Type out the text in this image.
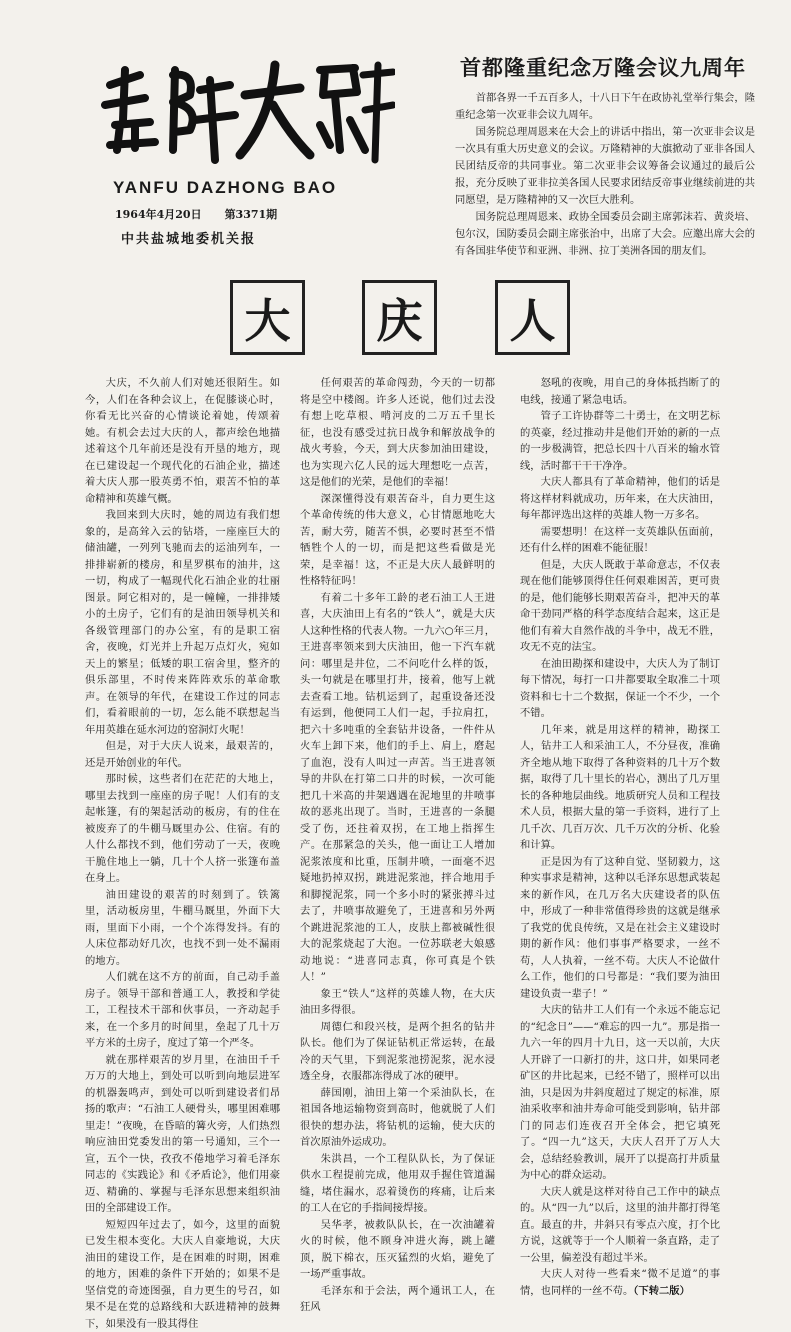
YANFU DAZHONG BAO
1964年4月20日 第3371期
中共盐城地委机关报
首都隆重纪念万隆会议九周年

首都各界一千五百多人，十八日下午在政协礼堂举行集会，隆重纪念第一次亚非会议九周年。

国务院总理周恩来在大会上的讲话中指出，第一次亚非会议是一次具有重大历史意义的会议。万隆精神的大旗掀动了亚非各国人民团结反帝的共同事业。第二次亚非会议筹备会议通过的最后公报，充分反映了亚非拉美各国人民要求团结反帝事业继续前进的共同愿望，是万隆精神的又一次巨大胜利。

国务院总理周恩来、政协全国委员会副主席郭沫若、黄炎培、包尔汉，国防委员会副主席张治中，出席了大会。应邀出席大会的有各国驻华使节和亚洲、非洲、拉丁美洲各国的朋友们。

大	庆	人

大庆，不久前人们对她还很陌生。如今，人们在各种会议上，在促膝谈心时，你看无比兴奋的心情谈论着她，传颂着她。有机会去过大庆的人，都声绘色地描述着这个几年前还是没有开垦的地方，现在已建设起一个现代化的石油企业，描述着大庆人那一股英勇不怕，艰苦不怕的革命精神和英雄气概。

我回来到大庆时，她的周边有我们想象的，是高耸入云的钻塔，一座座巨大的储油罐，一列列飞驰而去的运油列车，一排排崭新的楼房，和星罗棋布的油井，这一切，构成了一幅现代化石油企业的壮丽图景。阿它相对的，是一幢幢，一排排矮小的土房子，它们有的是油田领导机关和各级管理部门的办公室，有的是职工宿舍，夜晚，灯光并上升起万点灯火，宛如天上的繁星；低矮的职工宿舍里，整齐的俱乐部里，不时传来阵阵欢乐的革命歌声。在领导的年代，在建设工作过的同志们，看着眼前的一切，怎么能不联想起当年用英雄在延水河边的窑洞灯火呢！

但是，对于大庆人说来，最艰苦的，还是开始创业的年代。

那时候，这些者们在茫茫的大地上，哪里去找到一座座的房子呢！人们有的支起帐篷，有的架起活动的板房，有的住在被废弃了的牛棚马厩里办公、住宿。有的人什么都找不到，他们劳动了一天，夜晚干脆住地上一躺，几十个人挤一张篷布盖在身上。

油田建设的艰苦的时刻到了。铁篱里，活动板房里，牛棚马厩里，外面下大雨，里面下小雨，一个个冻得发抖。有的人床位都动好几次，也找不到一处不漏雨的地方。

人们就在这不方的前面，自己动手盖房子。领导干部和普通工人，教授和学徒工，工程技术干部和伙事员，一齐动起手来，在一个多月的时间里，垒起了几十万平方米的土房子，度过了第一个严冬。

就在那样艰苦的岁月里，在油田千千万万的大地上，到处可以听到向地层进军的机器轰鸣声，到处可以听到建设者们昂扬的歌声：“石油工人硬骨头，哪里困难哪里走！”夜晚，在昏暗的篝火旁，人们热烈响应油田党委发出的第一号通知，三个一宣，五个一快，孜孜不倦地学习着毛泽东同志的《实践论》和《矛盾论》，他们用豪迈、精确的、掌握与毛泽东思想来组织油田的全部建设工作。

短短四年过去了，如今，这里的面貌已发生根本变化。大庆人自豪地说，大庆油田的建设工作，是在困难的时期，困难的地方，困难的条件下开始的；如果不是坚信党的奇迹图强，自力更生的号召，如果不是在党的总路线和大跃进精神的鼓舞下，如果没有一股其得住

任何艰苦的革命闯劲，今天的一切都将是空中楼阁。许多人还说，他们过去没有想上吃草根、啃河皮的二万五千里长征，也没有感受过抗日战争和解放战争的战火考验，今天，到大庆参加油田建设，也为实现六亿人民的远大理想吃一点苦，这是他们的光荣，是他们的幸福！

深深懂得没有艰苦奋斗，自力更生这个革命传统的伟大意义，心甘情愿地吃大苦，耐大劳，随苦不惧，必要时甚至不惜牺牲个人的一切，而是把这些看做是光荣，是幸福！这，不正是大庆人最鲜明的性格特征吗！

有着二十多年工龄的老石油工人王进喜，大庆油田上有名的“铁人”，就是大庆人这种性格的代表人物。一九六○年三月，王进喜率领来到大庆油田，他一下汽车就问：哪里是井位，二不问吃什么样的饭，头一句就是在哪里打井，接着，他写上就去查看工地。钻机运到了，起重设备还没有运到，他便同工人们一起，手拉肩扛，把六十多吨重的全套钻井设备，一件件从火车上卸下来，他们的手上、肩上，磨起了血泡，没有人叫过一声苦。当王进喜领导的井队在打第二口井的时候，一次可能把几十米高的井架遇遇在泥地里的井喷事故的恶兆出现了。当时，王进喜的一条腿受了伤，还拄着双拐，在工地上指挥生产。在那紧急的关头，他一面让工人增加泥浆浓度和比重，压制井喷，一面毫不迟疑地扔掉双拐，跳进泥浆池，拌合地用手和脚搅泥浆，同一个多小时的紧张搏斗过去了，井喷事故避免了，王进喜和另外两个跳进泥浆池的工人，皮肤上都被碱性很大的泥浆烧起了大泡。一位苏联老大娘感动地说：“进喜同志真，你可真是个铁人！”

象王“铁人”这样的英雄人物，在大庆油田多得很。

周德仁和段兴枝，是两个担名的钻井队长。他们为了保证钻机正常运转，在最冷的天气里，下到泥浆池捞泥浆，泥水浸透全身，衣服都冻得成了冰的硬甲。

薛国刚，油田上第一个采油队长，在祖国各地运输物资到高时，他就脱了人们很快的想办法，将钻机的运输，使大庆的首次原油外运成功。

朱洪昌，一个工程队队长，为了保证供水工程提前完成，他用双手握住管道漏缝，堵住漏水，忍着烫伤的疼痛，让后来的工人在它的手指间接焊接。

吴华孝，被救队队长，在一次油罐着火的时候，他不顾身冲进火海，跳上罐顶，脱下棉衣，压灭猛烈的火焰，避免了一场严重事故。

毛泽东和于会法，两个通讯工人，在狂风

怒吼的夜晚，用自己的身体抵挡断了的电线，接通了紧急电话。

管子工许协群等二十勇士，在文明艺标的英豪，经过推动井是他们开始的新的一点的一步极满管，把总长四十八百米的输水管线，活时都干干干净净。

大庆人都具有了革命精神，他们的话是将这样材料就成功，历年来，在大庆油田，每年都评选出这样的英雄人物一万多名。

需要想明！在这样一支英雄队伍面前，还有什么样的困难不能征服！

但是，大庆人既敢于革命意志，不仅表现在他们能够顶得住任何艰难困苦，更可贵的是，他们能够长期艰苦奋斗，把冲天的革命干劲同严格的科学态度结合起来，这正是他们有着大自然作战的斗争中，战无不胜，攻无不克的法宝。

在油田勘探和建设中，大庆人为了制订每下情况，每打一口井都要取全取准二十项资料和七十二个数据，保证一个不少，一个不错。

几年来，就是用这样的精神，勘探工人，钻井工人和采油工人，不分昼夜，准确齐全地从地下取得了各种资料的几十万个数据，取得了几十里长的岩心，测出了几万里长的各种地层曲线。地质研究人员和工程技术人员，根据大量的第一手资料，进行了上几千次、几百万次、几千万次的分析、化验和计算。

正是因为有了这种自觉、坚韧毅力，这种实事求是精神，这种以毛泽东思想武装起来的新作风，在几万名大庆建设者的队伍中，形成了一种非常值得珍贵的这就是继承了我党的优良传统，又是在社会主义建设时期的新作风：他们事事严格要求，一丝不苟，人人执着，一丝不苟。大庆人不论做什么工作，他们的口号都是：“我们要为油田建设负责一辈子！”

大庆的钻井工人们有一个永远不能忘记的“纪念日”——“难忘的四一九”。那是指一九六一年的四月十九日，这一天以前，大庆人开辟了一口新打的井，这口井，如果同老矿区的井比起来，已经不错了，照样可以出油，只是因为井斜度超过了规定的标准，原油采收率和油井寿命可能受到影响，钻井部门的同志们连夜召开全体会，把它填死了。“四一九”这天，大庆人召开了万人大会，总结经验教训，展开了以提高打井质量为中心的群众运动。

大庆人就是这样对待自己工作中的缺点的。从“四一九”以后，这里的油井都打得笔直。最直的井，井斜只有零点六度，打个比方说，这就等于一个人顺着一条直路，走了一公里，偏差没有超过半米。

大庆人对待一些看来“微不足道”的事情，也同样的一丝不苟。（下转二版）
